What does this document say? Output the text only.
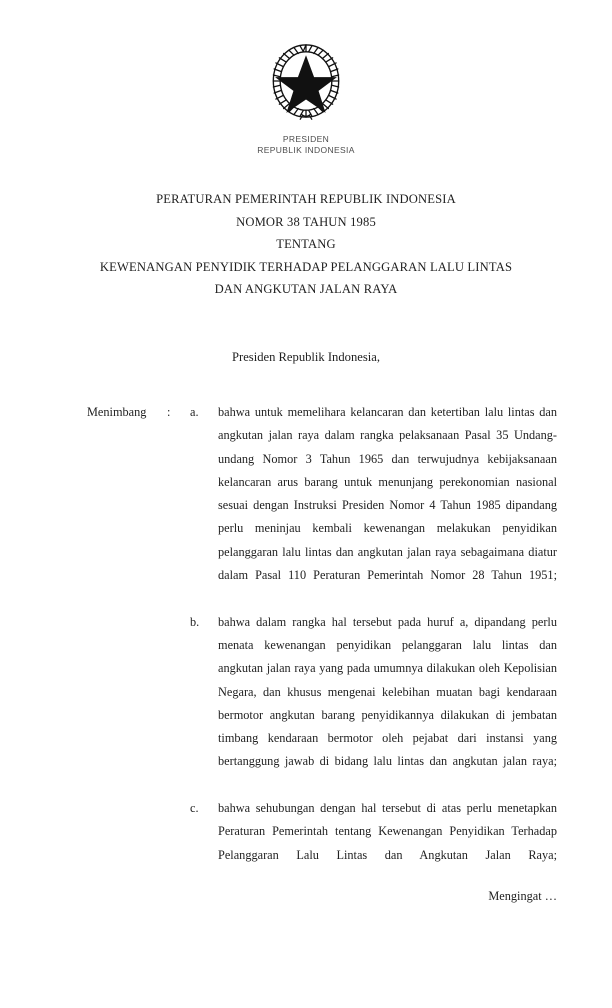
PRESIDEN
REPUBLIK INDONESIA
PERATURAN PEMERINTAH REPUBLIK INDONESIA
NOMOR 38 TAHUN 1985
TENTANG
KEWENANGAN PENYIDIK TERHADAP PELANGGARAN LALU LINTAS
DAN ANGKUTAN JALAN RAYA
Presiden Republik Indonesia,
Menimbang	:	a.	bahwa untuk memelihara kelancaran dan ketertiban lalu lintas dan angkutan jalan raya dalam rangka pelaksanaan Pasal 35 Undang-undang Nomor 3 Tahun 1965 dan terwujudnya kebijaksanaan kelancaran arus barang untuk menunjang perekonomian nasional sesuai dengan Instruksi Presiden Nomor 4 Tahun 1985 dipandang perlu meninjau kembali kewenangan melakukan penyidikan pelanggaran lalu lintas dan angkutan jalan raya sebagaimana diatur dalam Pasal 110 Peraturan Pemerintah Nomor 28 Tahun 1951;
b.	bahwa dalam rangka hal tersebut pada huruf a, dipandang perlu menata kewenangan penyidikan pelanggaran lalu lintas dan angkutan jalan raya yang pada umumnya dilakukan oleh Kepolisian Negara, dan khusus mengenai kelebihan muatan bagi kendaraan bermotor angkutan barang penyidikannya dilakukan di jembatan timbang kendaraan bermotor oleh pejabat dari instansi yang bertanggung jawab di bidang lalu lintas dan angkutan jalan raya;
c.	bahwa sehubungan dengan hal tersebut di atas perlu menetapkan Peraturan Pemerintah tentang Kewenangan Penyidikan Terhadap Pelanggaran Lalu Lintas dan Angkutan Jalan Raya;
Mengingat …
